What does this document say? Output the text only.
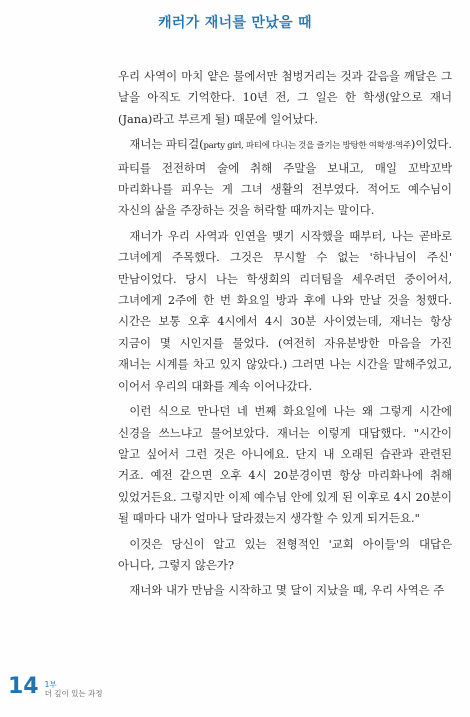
캐러가 재너를 만났을 때

우리 사역이 마치 얕은 물에서만 첨벙거리는 것과 같음을 깨달은 그 날을 아직도 기억한다. 10년 전, 그 일은 한 학생(앞으로 재너(Jana)라고 부르게 될) 때문에 일어났다.

재너는 파티걸(party girl, 파티에 다니는 것을 즐기는 방탕한 여학생-역주)이었다. 파티를 전전하며 술에 취해 주말을 보내고, 매일 꼬박꼬박 마리화나를 피우는 게 그녀 생활의 전부였다. 적어도 예수님이 자신의 삶을 주장하는 것을 허락할 때까지는 말이다.

재너가 우리 사역과 인연을 맺기 시작했을 때부터, 나는 곧바로 그녀에게 주목했다. 그것은 무시할 수 없는 '하나님이 주신' 만남이었다. 당시 나는 학생회의 리더팀을 세우려던 중이어서, 그녀에게 2주에 한 번 화요일 방과 후에 나와 만날 것을 청했다. 시간은 보통 오후 4시에서 4시 30분 사이였는데, 재너는 항상 지금이 몇 시인지를 물었다. (여전히 자유분방한 마음을 가진 재너는 시계를 차고 있지 않았다.) 그러면 나는 시간을 말해주었고, 이어서 우리의 대화를 계속 이어나갔다.

이런 식으로 만나던 네 번째 화요일에 나는 왜 그렇게 시간에 신경을 쓰느냐고 물어보았다. 재너는 이렇게 대답했다. "시간이 알고 싶어서 그런 것은 아니에요. 단지 내 오래된 습관과 관련된 거죠. 예전 같으면 오후 4시 20분경이면 항상 마리화나에 취해 있었거든요. 그렇지만 이제 예수님 안에 있게 된 이후로 4시 20분이 될 때마다 내가 얼마나 달라졌는지 생각할 수 있게 되거든요."

이것은 당신이 알고 있는 전형적인 '교회 아이들'의 대답은 아니다, 그렇지 않은가?

재너와 내가 만남을 시작하고 몇 달이 지났을 때, 우리 사역은 주

14 1부
더 깊이 있는 과정
